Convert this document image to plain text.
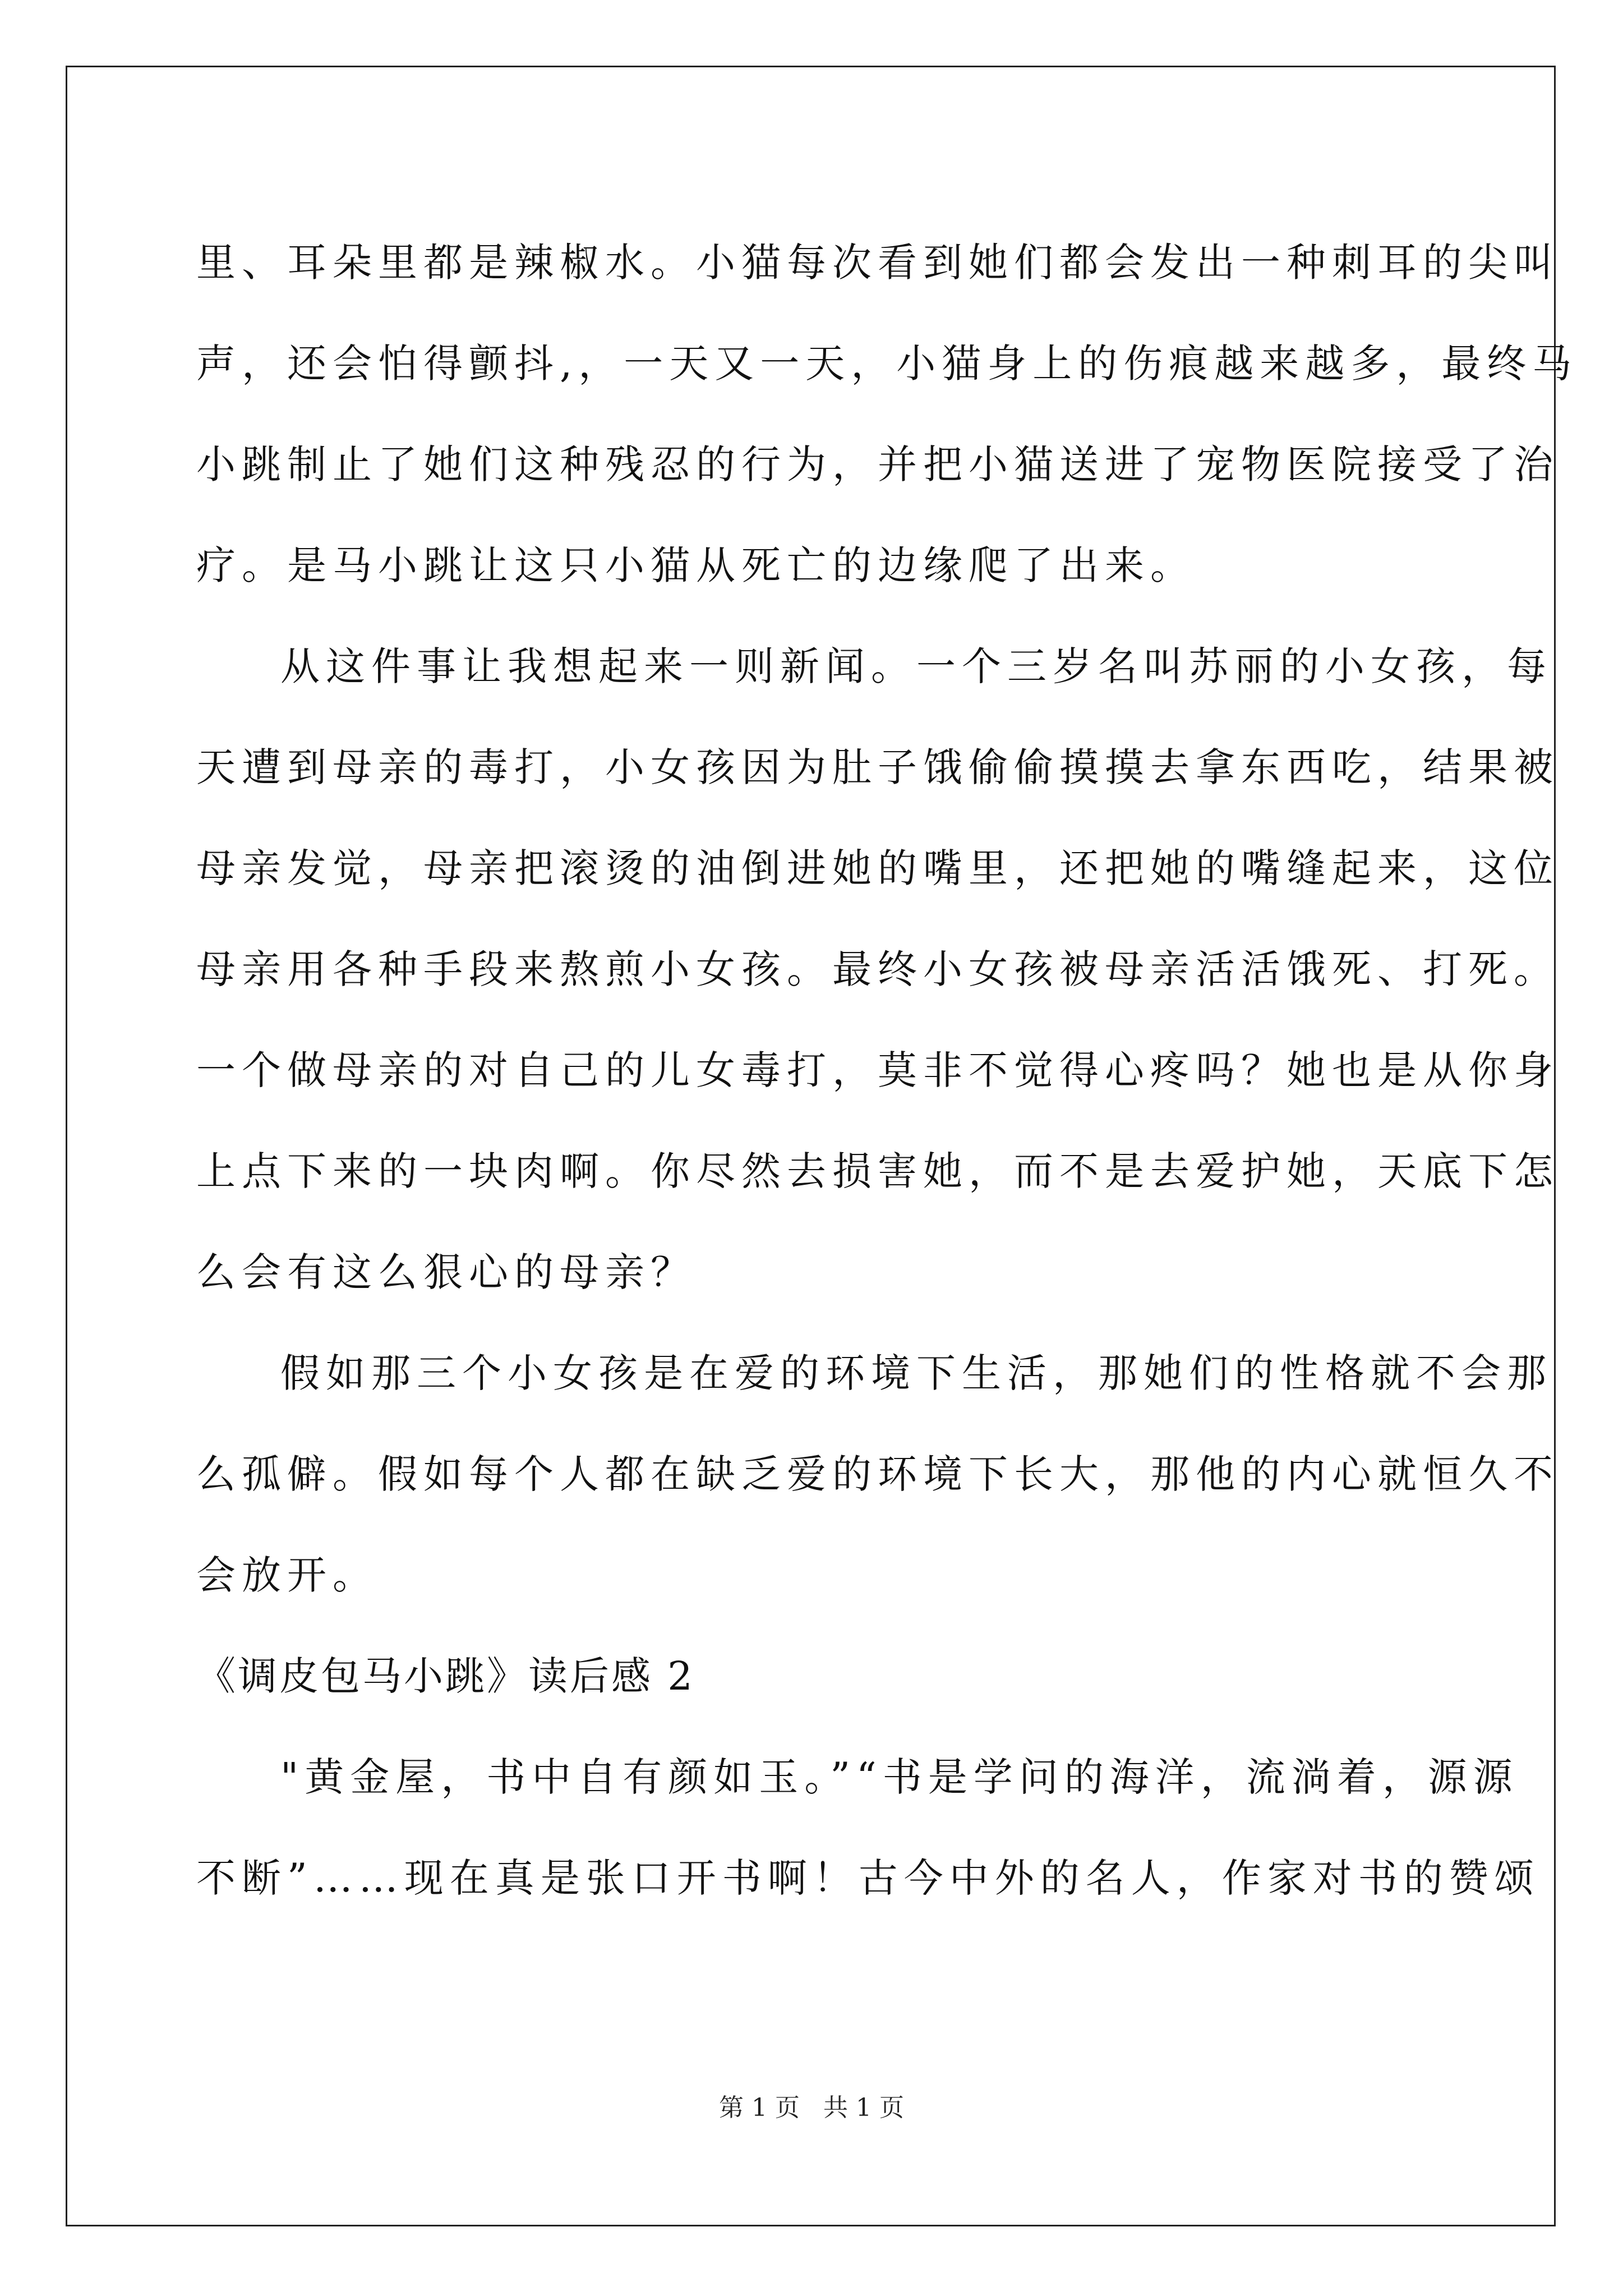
里、耳朵里都是辣椒水。小猫每次看到她们都会发出一种刺耳的尖叫
声，还会怕得颤抖,，一天又一天，小猫身上的伤痕越来越多，最终马
小跳制止了她们这种残忍的行为，并把小猫送进了宠物医院接受了治
疗。是马小跳让这只小猫从死亡的边缘爬了出来。
从这件事让我想起来一则新闻。一个三岁名叫苏丽的小女孩，每
天遭到母亲的毒打，小女孩因为肚子饿偷偷摸摸去拿东西吃，结果被
母亲发觉，母亲把滚烫的油倒进她的嘴里，还把她的嘴缝起来，这位
母亲用各种手段来熬煎小女孩。最终小女孩被母亲活活饿死、打死。
一个做母亲的对自己的儿女毒打，莫非不觉得心疼吗？她也是从你身
上点下来的一块肉啊。你尽然去损害她，而不是去爱护她，天底下怎
么会有这么狠心的母亲？
假如那三个小女孩是在爱的环境下生活，那她们的性格就不会那
么孤僻。假如每个人都在缺乏爱的环境下长大，那他的内心就恒久不
会放开。
《调皮包马小跳》读后感 2
"黄金屋，书中自有颜如玉。”“书是学问的海洋，流淌着，源源
不断”……现在真是张口开书啊！古今中外的名人，作家对书的赞颂
第 1 页 共 1 页
